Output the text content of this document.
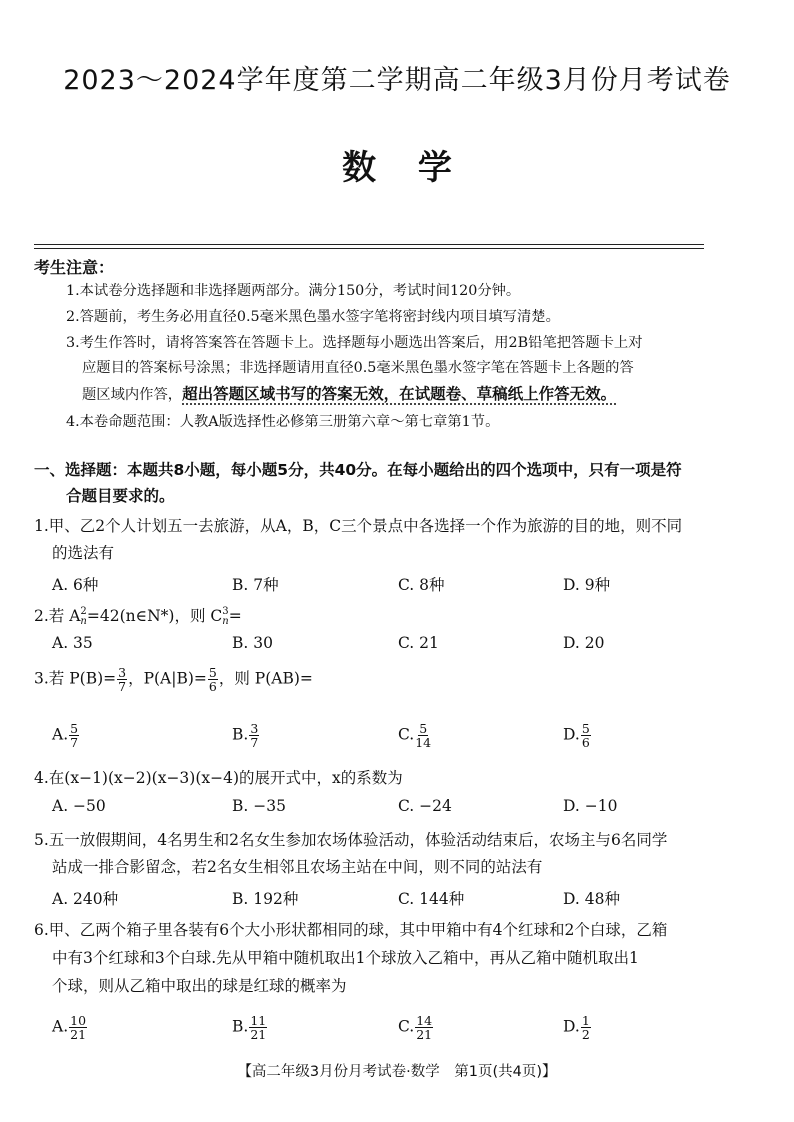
2023～2024学年度第二学期高二年级3月份月考试卷
数 学
考生注意：
1.本试卷分选择题和非选择题两部分。满分150分，考试时间120分钟。
2.答题前，考生务必用直径0.5毫米黑色墨水签字笔将密封线内项目填写清楚。
3.考生作答时，请将答案答在答题卡上。选择题每小题选出答案后，用2B铅笔把答题卡上对
应题目的答案标号涂黑；非选择题请用直径0.5毫米黑色墨水签字笔在答题卡上各题的答
题区域内作答，超出答题区域书写的答案无效，在试题卷、草稿纸上作答无效。
4.本卷命题范围：人教A版选择性必修第三册第六章～第七章第1节。
一、选择题：本题共8小题，每小题5分，共40分。在每小题给出的四个选项中，只有一项是符
合题目要求的。
1.甲、乙2个人计划五一去旅游，从A，B，C三个景点中各选择一个作为旅游的目的地，则不同
的选法有
A. 6种	B. 7种	C. 8种	D. 9种
2.若 A 2
n =42(n∈N*)，则 C 3
n =
A. 35	B. 30	C. 21	D. 20
3.若 $P(B)= \frac{3}{7}$ ，$P(A|B)= \frac{5}{6}$ ，则 P(AB)=
A. $\frac{5}{7}$	B. $\frac{3}{7}$	C. $\frac{5}{14}$	D. $\frac{5}{6}$
4.在(x−1)(x−2)(x−3)(x−4)的展开式中，x的系数为
A. −50	B. −35	C. −24	D. −10
5.五一放假期间，4名男生和2名女生参加农场体验活动，体验活动结束后，农场主与6名同学
站成一排合影留念，若2名女生相邻且农场主站在中间，则不同的站法有
A. 240种	B. 192种	C. 144种	D. 48种
6.甲、乙两个箱子里各装有6个大小形状都相同的球，其中甲箱中有4个红球和2个白球，乙箱
中有3个红球和3个白球.先从甲箱中随机取出1个球放入乙箱中，再从乙箱中随机取出1
个球，则从乙箱中取出的球是红球的概率为
A. $\frac{10}{21}$	B. $\frac{11}{21}$	C. $\frac{14}{21}$	D. $\frac{1}{2}$
【高二年级3月份月考试卷·数学　第1页(共4页)】
